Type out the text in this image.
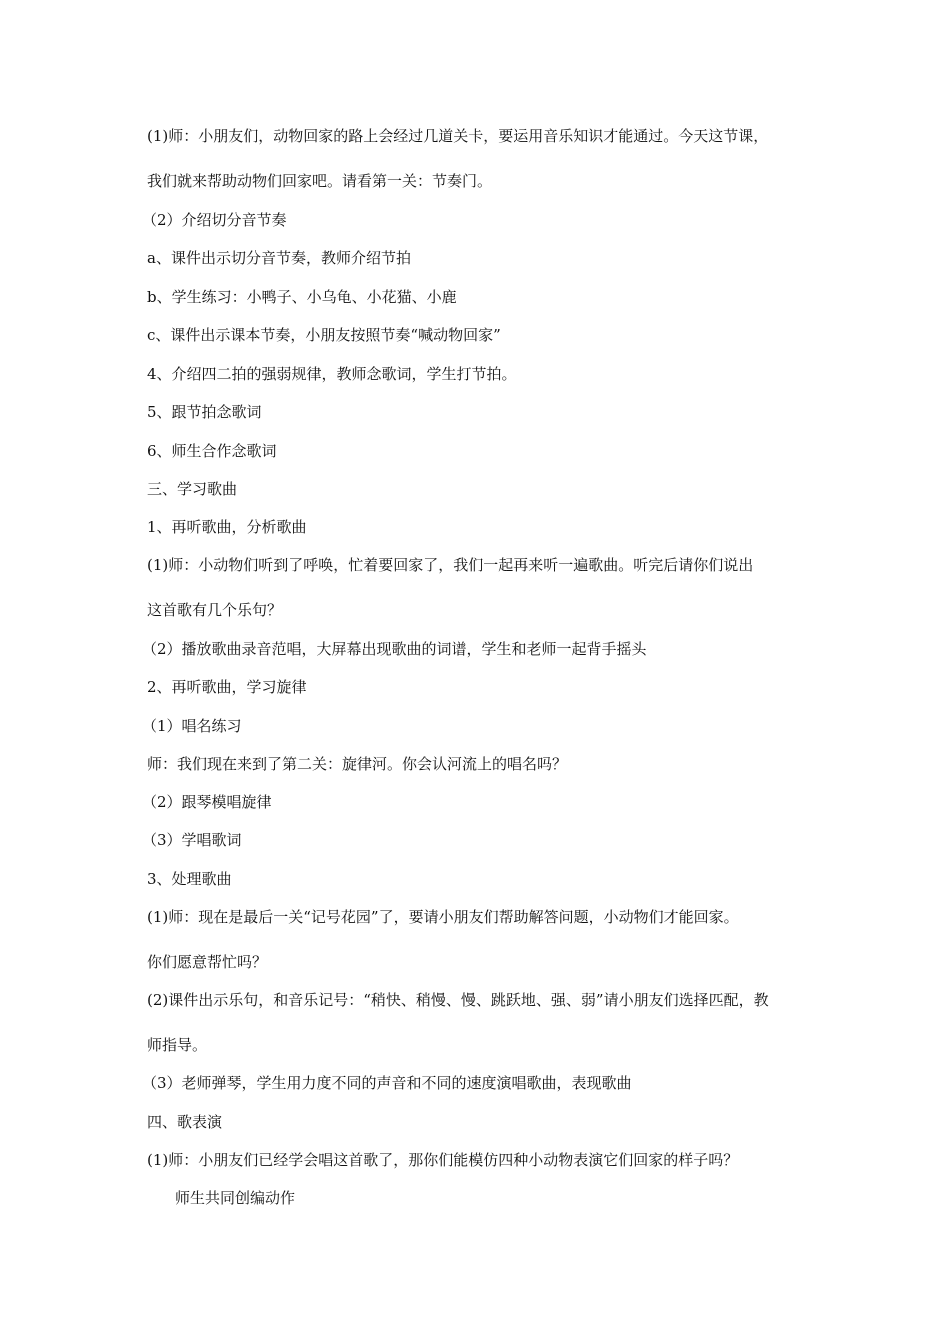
(1)师：小朋友们，动物回家的路上会经过几道关卡，要运用音乐知识才能通过。今天这节课，
我们就来帮助动物们回家吧。请看第一关：节奏门。
（2）介绍切分音节奏
a、课件出示切分音节奏，教师介绍节拍
b、学生练习：小鸭子、小乌龟、小花猫、小鹿
c、课件出示课本节奏，小朋友按照节奏“喊动物回家”
4、介绍四二拍的强弱规律，教师念歌词，学生打节拍。
5、跟节拍念歌词
6、师生合作念歌词
三、学习歌曲
1、再听歌曲，分析歌曲
(1)师：小动物们听到了呼唤，忙着要回家了，我们一起再来听一遍歌曲。听完后请你们说出
这首歌有几个乐句？
（2）播放歌曲录音范唱，大屏幕出现歌曲的词谱，学生和老师一起背手摇头
2、再听歌曲，学习旋律
（1）唱名练习
师：我们现在来到了第二关：旋律河。你会认河流上的唱名吗？
（2）跟琴模唱旋律
（3）学唱歌词
3、处理歌曲
(1)师：现在是最后一关“记号花园”了，要请小朋友们帮助解答问题，小动物们才能回家。
你们愿意帮忙吗？
(2)课件出示乐句，和音乐记号：“稍快、稍慢、慢、跳跃地、强、弱”请小朋友们选择匹配，教
师指导。
（3）老师弹琴，学生用力度不同的声音和不同的速度演唱歌曲，表现歌曲
四、歌表演
(1)师：小朋友们已经学会唱这首歌了，那你们能模仿四种小动物表演它们回家的样子吗？
师生共同创编动作
